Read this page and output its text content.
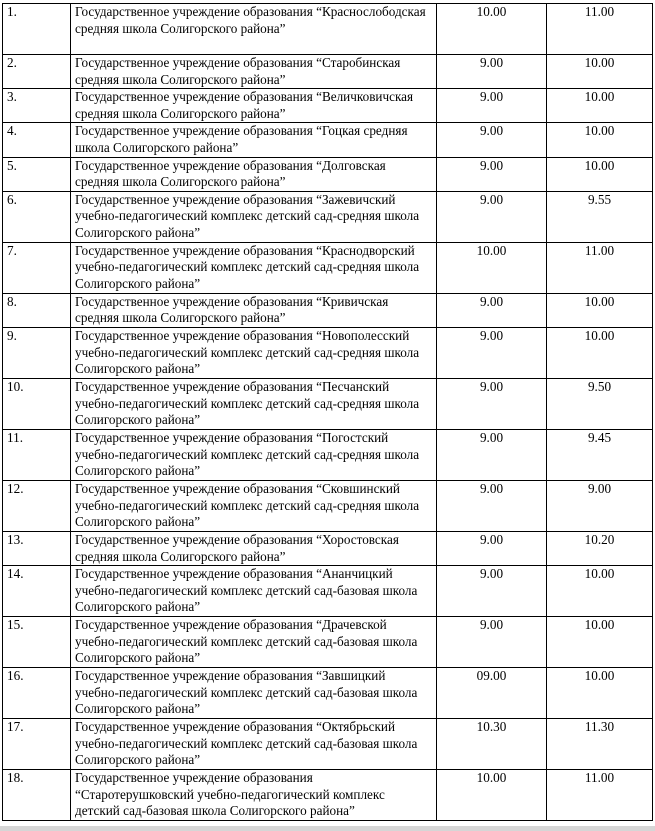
1.	Государственное учреждение образования “Краснослободская средняя школа Солигорского района”	10.00	11.00
2.	Государственное учреждение образования “Старобинская средняя школа Солигорского района”	9.00	10.00
3.	Государственное учреждение образования “Величковичская средняя школа Солигорского района”	9.00	10.00
4.	Государственное учреждение образования “Гоцкая средняя школа Солигорского района”	9.00	10.00
5.	Государственное учреждение образования “Долговская средняя школа Солигорского района”	9.00	10.00
6.	Государственное учреждение образования “Зажевичский учебно-педагогический комплекс детский сад-средняя школа Солигорского района”	9.00	9.55
7.	Государственное учреждение образования “Краснодворский учебно-педагогический комплекс детский сад-средняя школа Солигорского района”	10.00	11.00
8.	Государственное учреждение образования “Кривичская средняя школа Солигорского района”	9.00	10.00
9.	Государственное учреждение образования “Новополесский учебно-педагогический комплекс детский сад-средняя школа Солигорского района”	9.00	10.00
10.	Государственное учреждение образования “Песчанский учебно-педагогический комплекс детский сад-средняя школа Солигорского района”	9.00	9.50
11.	Государственное учреждение образования “Погостский учебно-педагогический комплекс детский сад-средняя школа Солигорского района”	9.00	9.45
12.	Государственное учреждение образования “Сковшинский учебно-педагогический комплекс детский сад-средняя школа Солигорского района”	9.00	9.00
13.	Государственное учреждение образования “Хоростовская средняя школа Солигорского района”	9.00	10.20
14.	Государственное учреждение образования “Ананчицкий учебно-педагогический комплекс детский сад-базовая школа Солигорского района”	9.00	10.00
15.	Государственное учреждение образования “Драчевской учебно-педагогический комплекс детский сад-базовая школа Солигорского района”	9.00	10.00
16.	Государственное учреждение образования “Завшицкий учебно-педагогический комплекс детский сад-базовая школа Солигорского района”	09.00	10.00
17.	Государственное учреждение образования “Октябрьский учебно-педагогический комплекс детский сад-базовая школа Солигорского района”	10.30	11.30
18.	Государственное учреждение образования “Старотерушковский учебно-педагогический комплекс детский сад-базовая школа Солигорского района”	10.00	11.00
